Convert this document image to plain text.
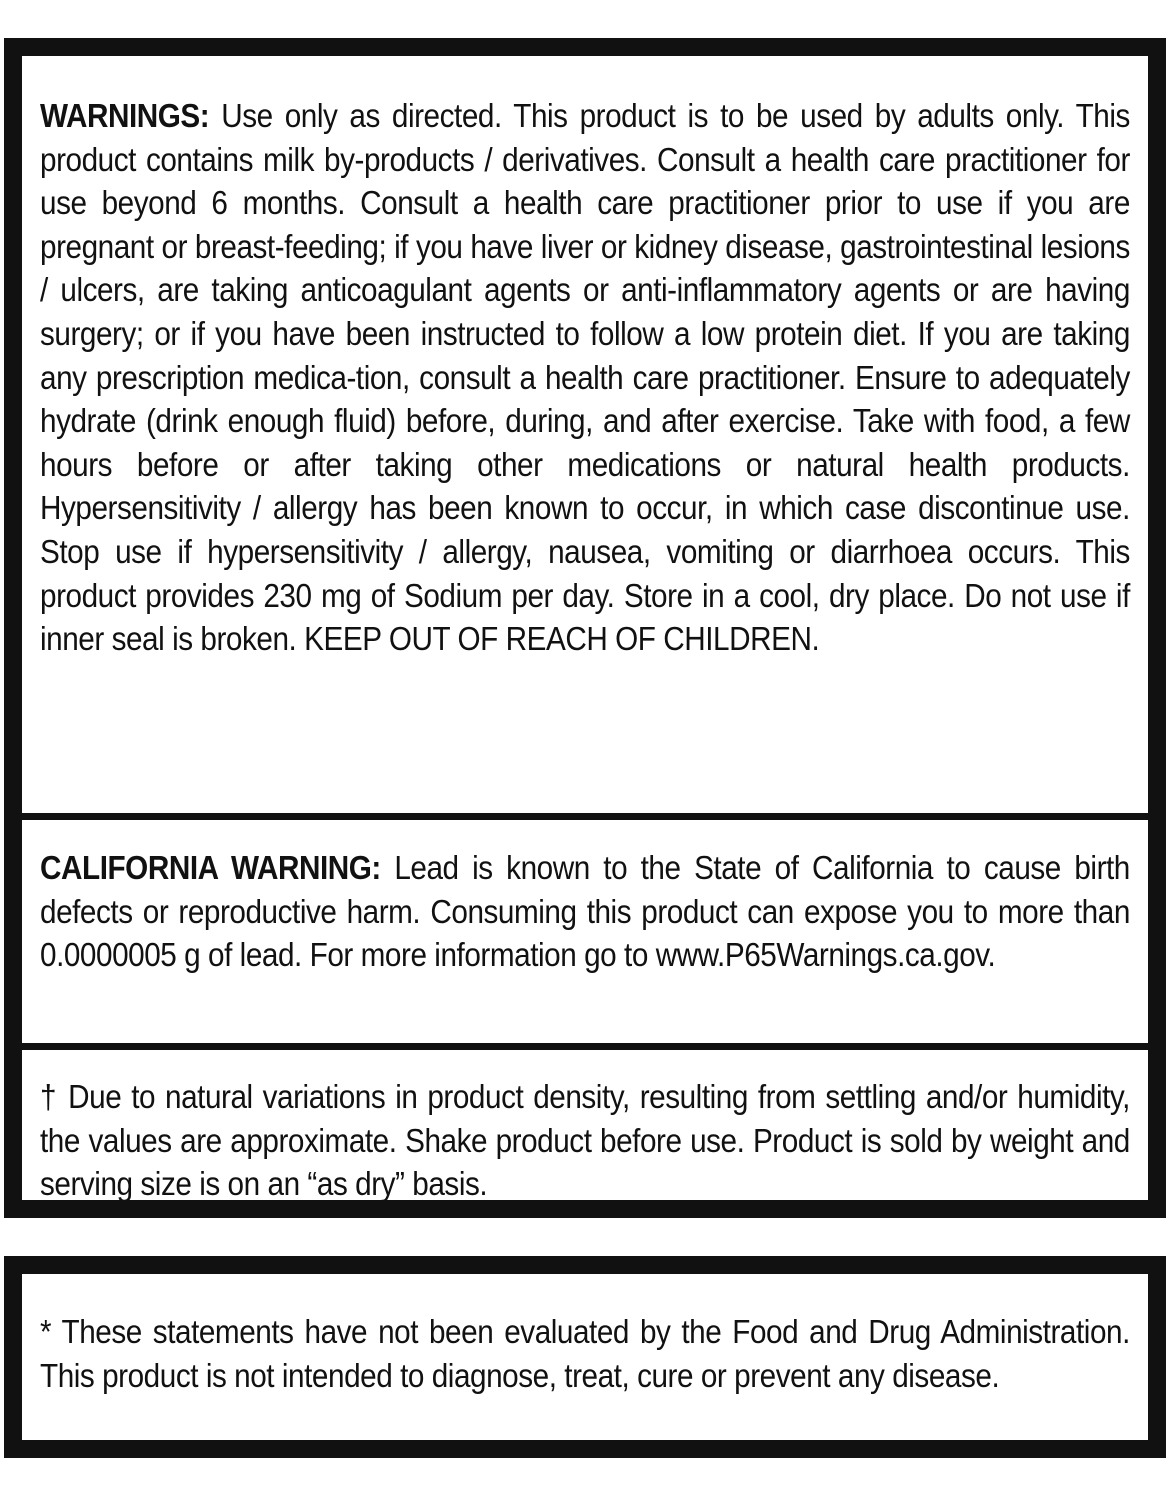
WARNINGS: Use only as directed. This product is to be used by adults only. This product contains milk by-products / derivatives. Consult a health care practitioner for use beyond 6 months. Consult a health care practitioner prior to use if you are pregnant or breast-feeding; if you have liver or kidney disease, gastrointestinal lesions / ulcers, are taking anticoagulant agents or anti-inflammatory agents or are having surgery; or if you have been instructed to follow a low protein diet. If you are taking any prescription medica-tion, consult a health care practitioner. Ensure to adequately hydrate (drink enough fluid) before, during, and after exercise. Take with food, a few hours before or after taking other medications or natural health products. Hypersensitivity / allergy has been known to occur, in which case discontinue use. Stop use if hypersensitivity / allergy, nausea, vomiting or diarrhoea occurs. This product provides 230 mg of Sodium per day. Store in a cool, dry place. Do not use if inner seal is broken. KEEP OUT OF REACH OF CHILDREN.

CALIFORNIA WARNING: Lead is known to the State of California to cause birth defects or reproductive harm. Consuming this product can expose you to more than 0.0000005 g of lead. For more information go to www.P65Warnings.ca.gov.

† Due to natural variations in product density, resulting from settling and/or humidity, the values are approximate. Shake product before use. Product is sold by weight and serving size is on an “as dry” basis.

* These statements have not been evaluated by the Food and Drug Administration. This product is not intended to diagnose, treat, cure or prevent any disease.
